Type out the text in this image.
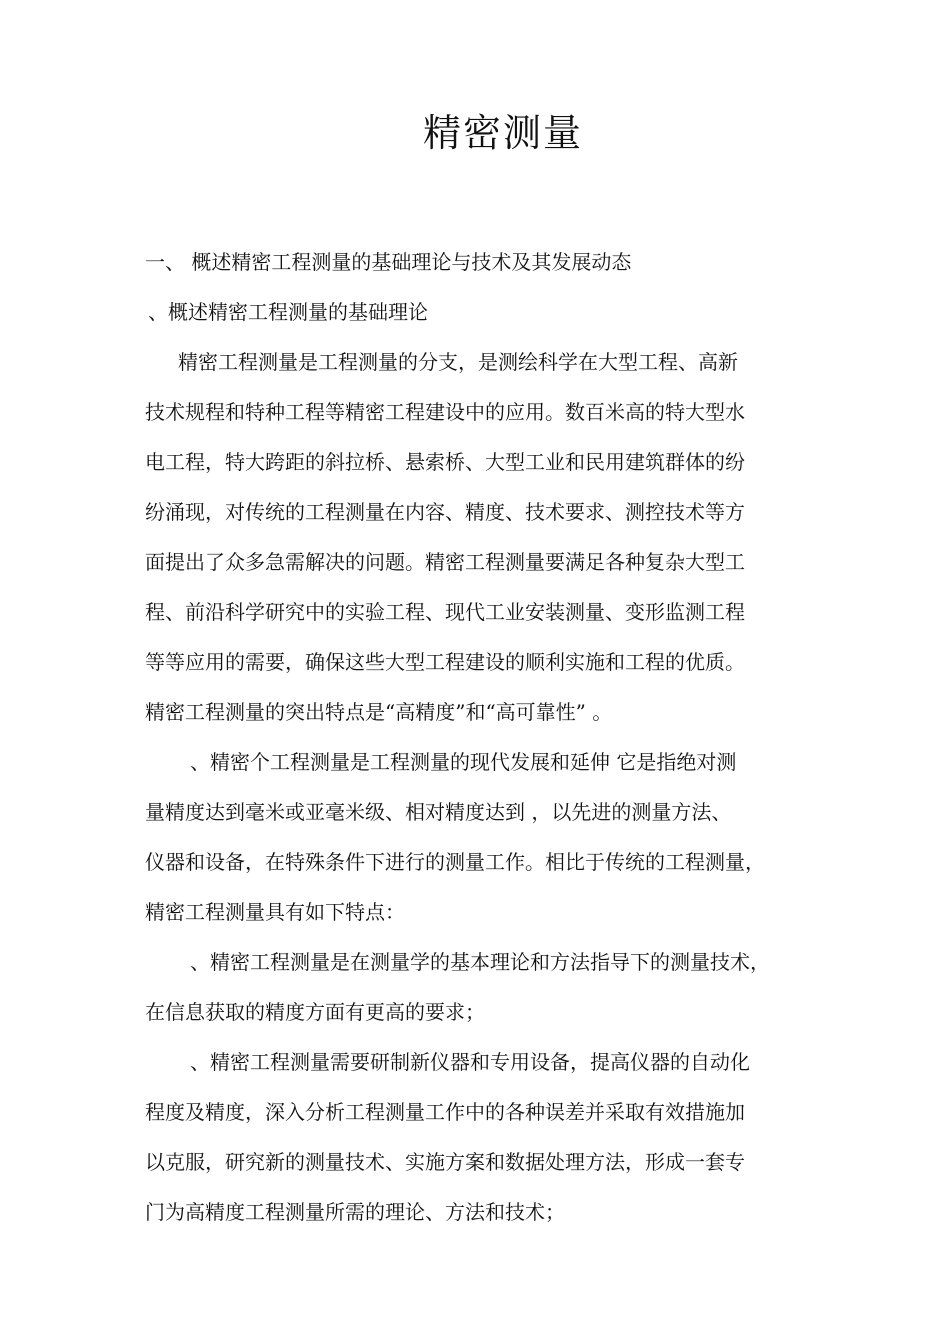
精密测量
一、 概述精密工程测量的基础理论与技术及其发展动态
、概述精密工程测量的基础理论
精密工程测量是工程测量的分支，是测绘科学在大型工程、高新
技术规程和特种工程等精密工程建设中的应用。数百米高的特大型水
电工程，特大跨距的斜拉桥、悬索桥、大型工业和民用建筑群体的纷
纷涌现，对传统的工程测量在内容、精度、技术要求、测控技术等方
面提出了众多急需解决的问题。精密工程测量要满足各种复杂大型工
程、前沿科学研究中的实验工程、现代工业安装测量、变形监测工程
等等应用的需要，确保这些大型工程建设的顺利实施和工程的优质。
精密工程测量的突出特点是“高精度”和“高可靠性” 。
、精密个工程测量是工程测量的现代发展和延伸 它是指绝对测
量精度达到毫米或亚毫米级、相对精度达到 ，以先进的测量方法、
仪器和设备，在特殊条件下进行的测量工作。相比于传统的工程测量，
精密工程测量具有如下特点：
、精密工程测量是在测量学的基本理论和方法指导下的测量技术，
在信息获取的精度方面有更高的要求；
、精密工程测量需要研制新仪器和专用设备，提高仪器的自动化
程度及精度，深入分析工程测量工作中的各种误差并采取有效措施加
以克服，研究新的测量技术、实施方案和数据处理方法，形成一套专
门为高精度工程测量所需的理论、方法和技术；
